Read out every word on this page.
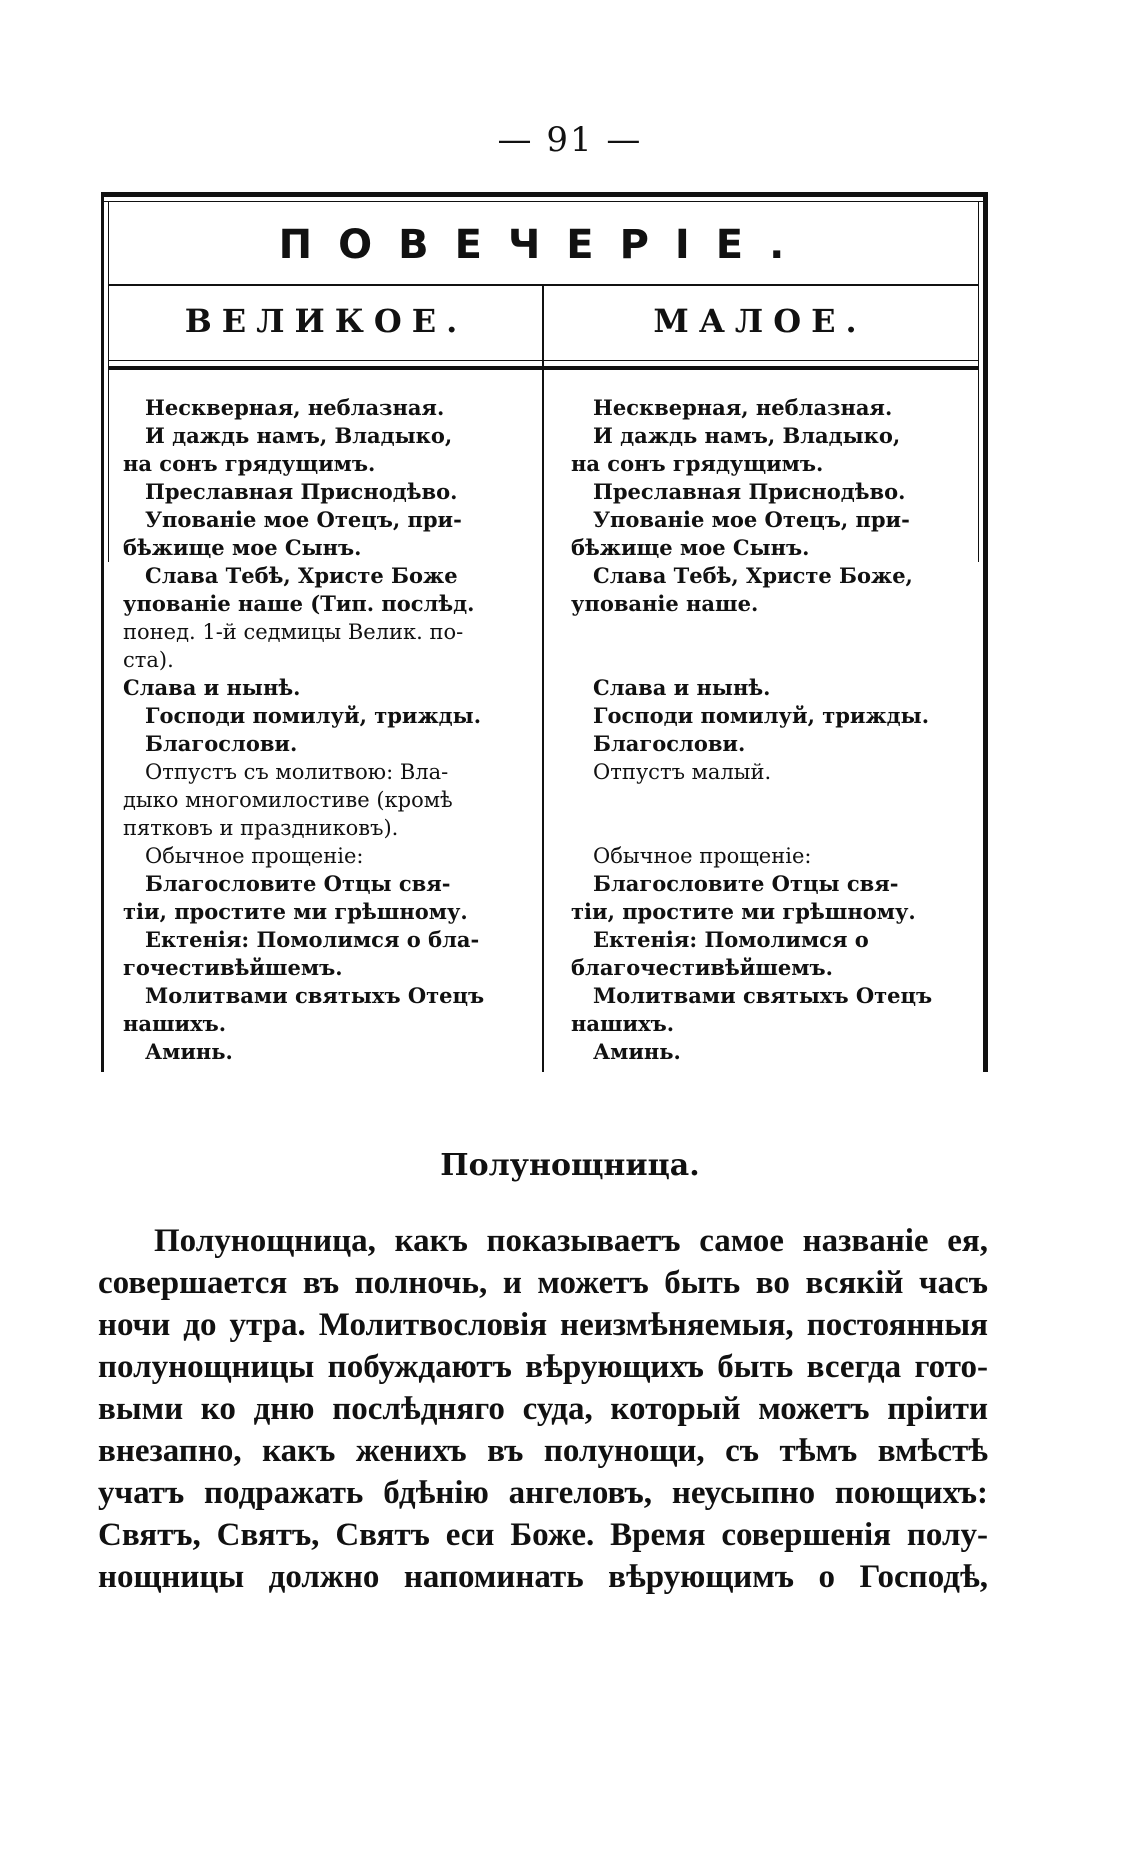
— 91 —
ПОВЕЧЕРІЕ.
ВЕЛИКОЕ.	МАЛОЕ.
Нескверная, неблазная.
И даждь намъ, Владыко,
на сонъ грядущимъ.
Преславная Приснодѣво.
Упованіе мое Отецъ, при-
бѣжище мое Сынъ.
Слава Тебѣ, Христе Боже
упованіе наше (Тип. послѣд.
понед. 1-й седмицы Велик. по-
ста).
Слава и нынѣ.
Господи помилуй, трижды.
Благослови.
Отпустъ съ молитвою: Вла-
дыко многомилостиве (кромѣ
пятковъ и праздниковъ).
Обычное прощеніе:
Благословите Отцы свя-
тіи, простите ми грѣшному.
Ектенія: Помолимся о бла-
гочестивѣйшемъ.
Молитвами святыхъ Отецъ
нашихъ.
Аминь.
Нескверная, неблазная.
И даждь намъ, Владыко,
на сонъ грядущимъ.
Преславная Приснодѣво.
Упованіе мое Отецъ, при-
бѣжище мое Сынъ.
Слава Тебѣ, Христе Боже,
упованіе наше.
Слава и нынѣ.
Господи помилуй, трижды.
Благослови.
Отпустъ малый.
Обычное прощеніе:
Благословите Отцы свя-
тіи, простите ми грѣшному.
Ектенія: Помолимся о
благочестивѣйшемъ.
Молитвами святыхъ Отецъ
нашихъ.
Аминь.
Полунощница.
Полунощница, какъ показываетъ самое названіе ея,
совершается въ полночь, и можетъ быть во всякій часъ
ночи до утра. Молитвословія неизмѣняемыя, постоянныя
полунощницы побуждаютъ вѣрующихъ быть всегда гото-
выми ко дню послѣдняго суда, который можетъ пріити
внезапно, какъ женихъ въ полунощи, съ тѣмъ вмѣстѣ
учатъ подражать бдѣнію ангеловъ, неусыпно поющихъ:
Святъ, Святъ, Святъ еси Боже. Время совершенія полу-
нощницы должно напоминать вѣрующимъ о Господѣ,
